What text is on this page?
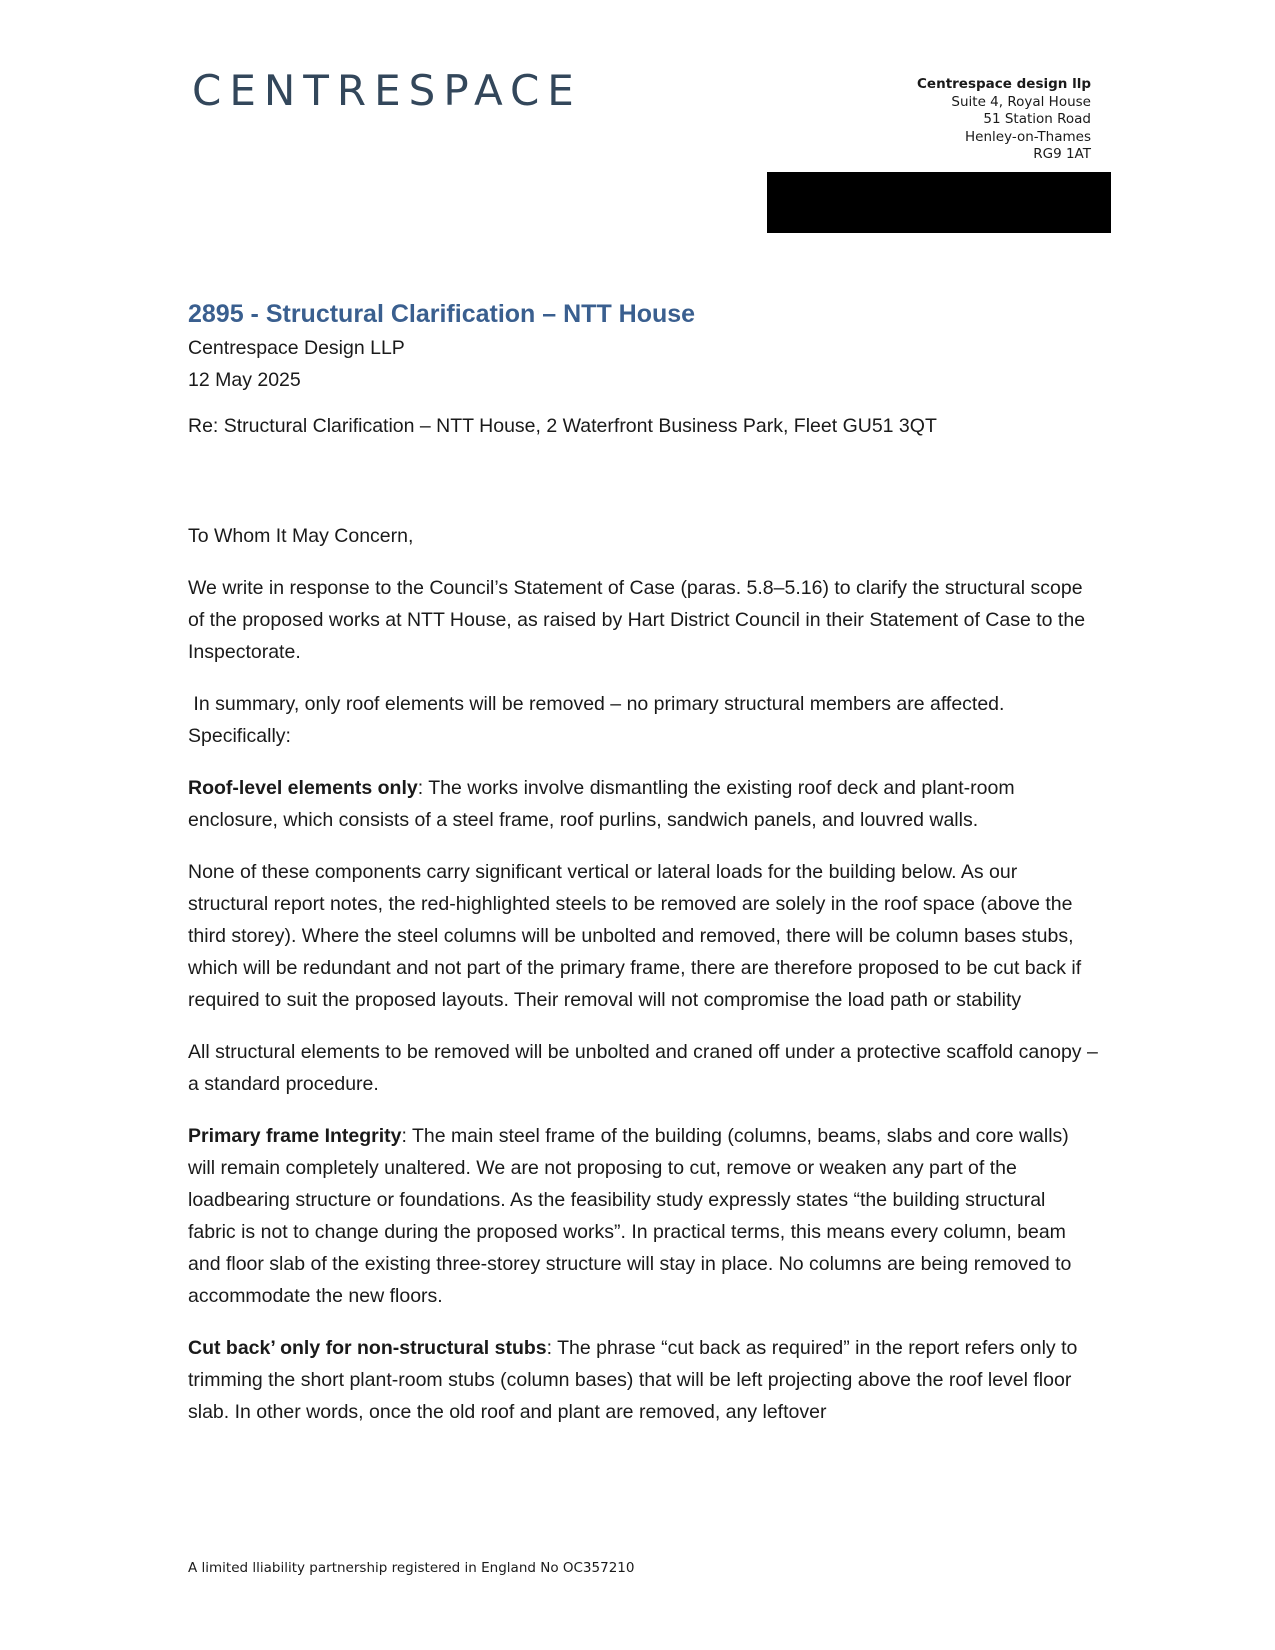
CENTRESPACE	Centrespace design llp
Suite 4, Royal House
51 Station Road
Henley-on-Thames
RG9 1AT
2895 - Structural Clarification – NTT House

Centrespace Design LLP

12 May 2025

Re: Structural Clarification – NTT House, 2 Waterfront Business Park, Fleet GU51 3QT

To Whom It May Concern,

We write in response to the Council’s Statement of Case (paras. 5.8–5.16) to clarify the structural scope of the proposed works at NTT House, as raised by Hart District Council in their Statement of Case to the Inspectorate.

In summary, only roof elements will be removed – no primary structural members are affected. Specifically:

Roof-level elements only: The works involve dismantling the existing roof deck and plant-room enclosure, which consists of a steel frame, roof purlins, sandwich panels, and louvred walls.

None of these components carry significant vertical or lateral loads for the building below. As our structural report notes, the red-highlighted steels to be removed are solely in the roof space (above the third storey). Where the steel columns will be unbolted and removed, there will be column bases stubs, which will be redundant and not part of the primary frame, there are therefore proposed to be cut back if required to suit the proposed layouts. Their removal will not compromise the load path or stability

All structural elements to be removed will be unbolted and craned off under a protective scaffold canopy – a standard procedure.

Primary frame Integrity: The main steel frame of the building (columns, beams, slabs and core walls) will remain completely unaltered. We are not proposing to cut, remove or weaken any part of the loadbearing structure or foundations. As the feasibility study expressly states “the building structural fabric is not to change during the proposed works”. In practical terms, this means every column, beam and floor slab of the existing three-storey structure will stay in place. No columns are being removed to accommodate the new floors.

Cut back’ only for non-structural stubs: The phrase “cut back as required” in the report refers only to trimming the short plant-room stubs (column bases) that will be left projecting above the roof level floor slab. In other words, once the old roof and plant are removed, any leftover

A limited lliability partnership registered in England No OC357210
